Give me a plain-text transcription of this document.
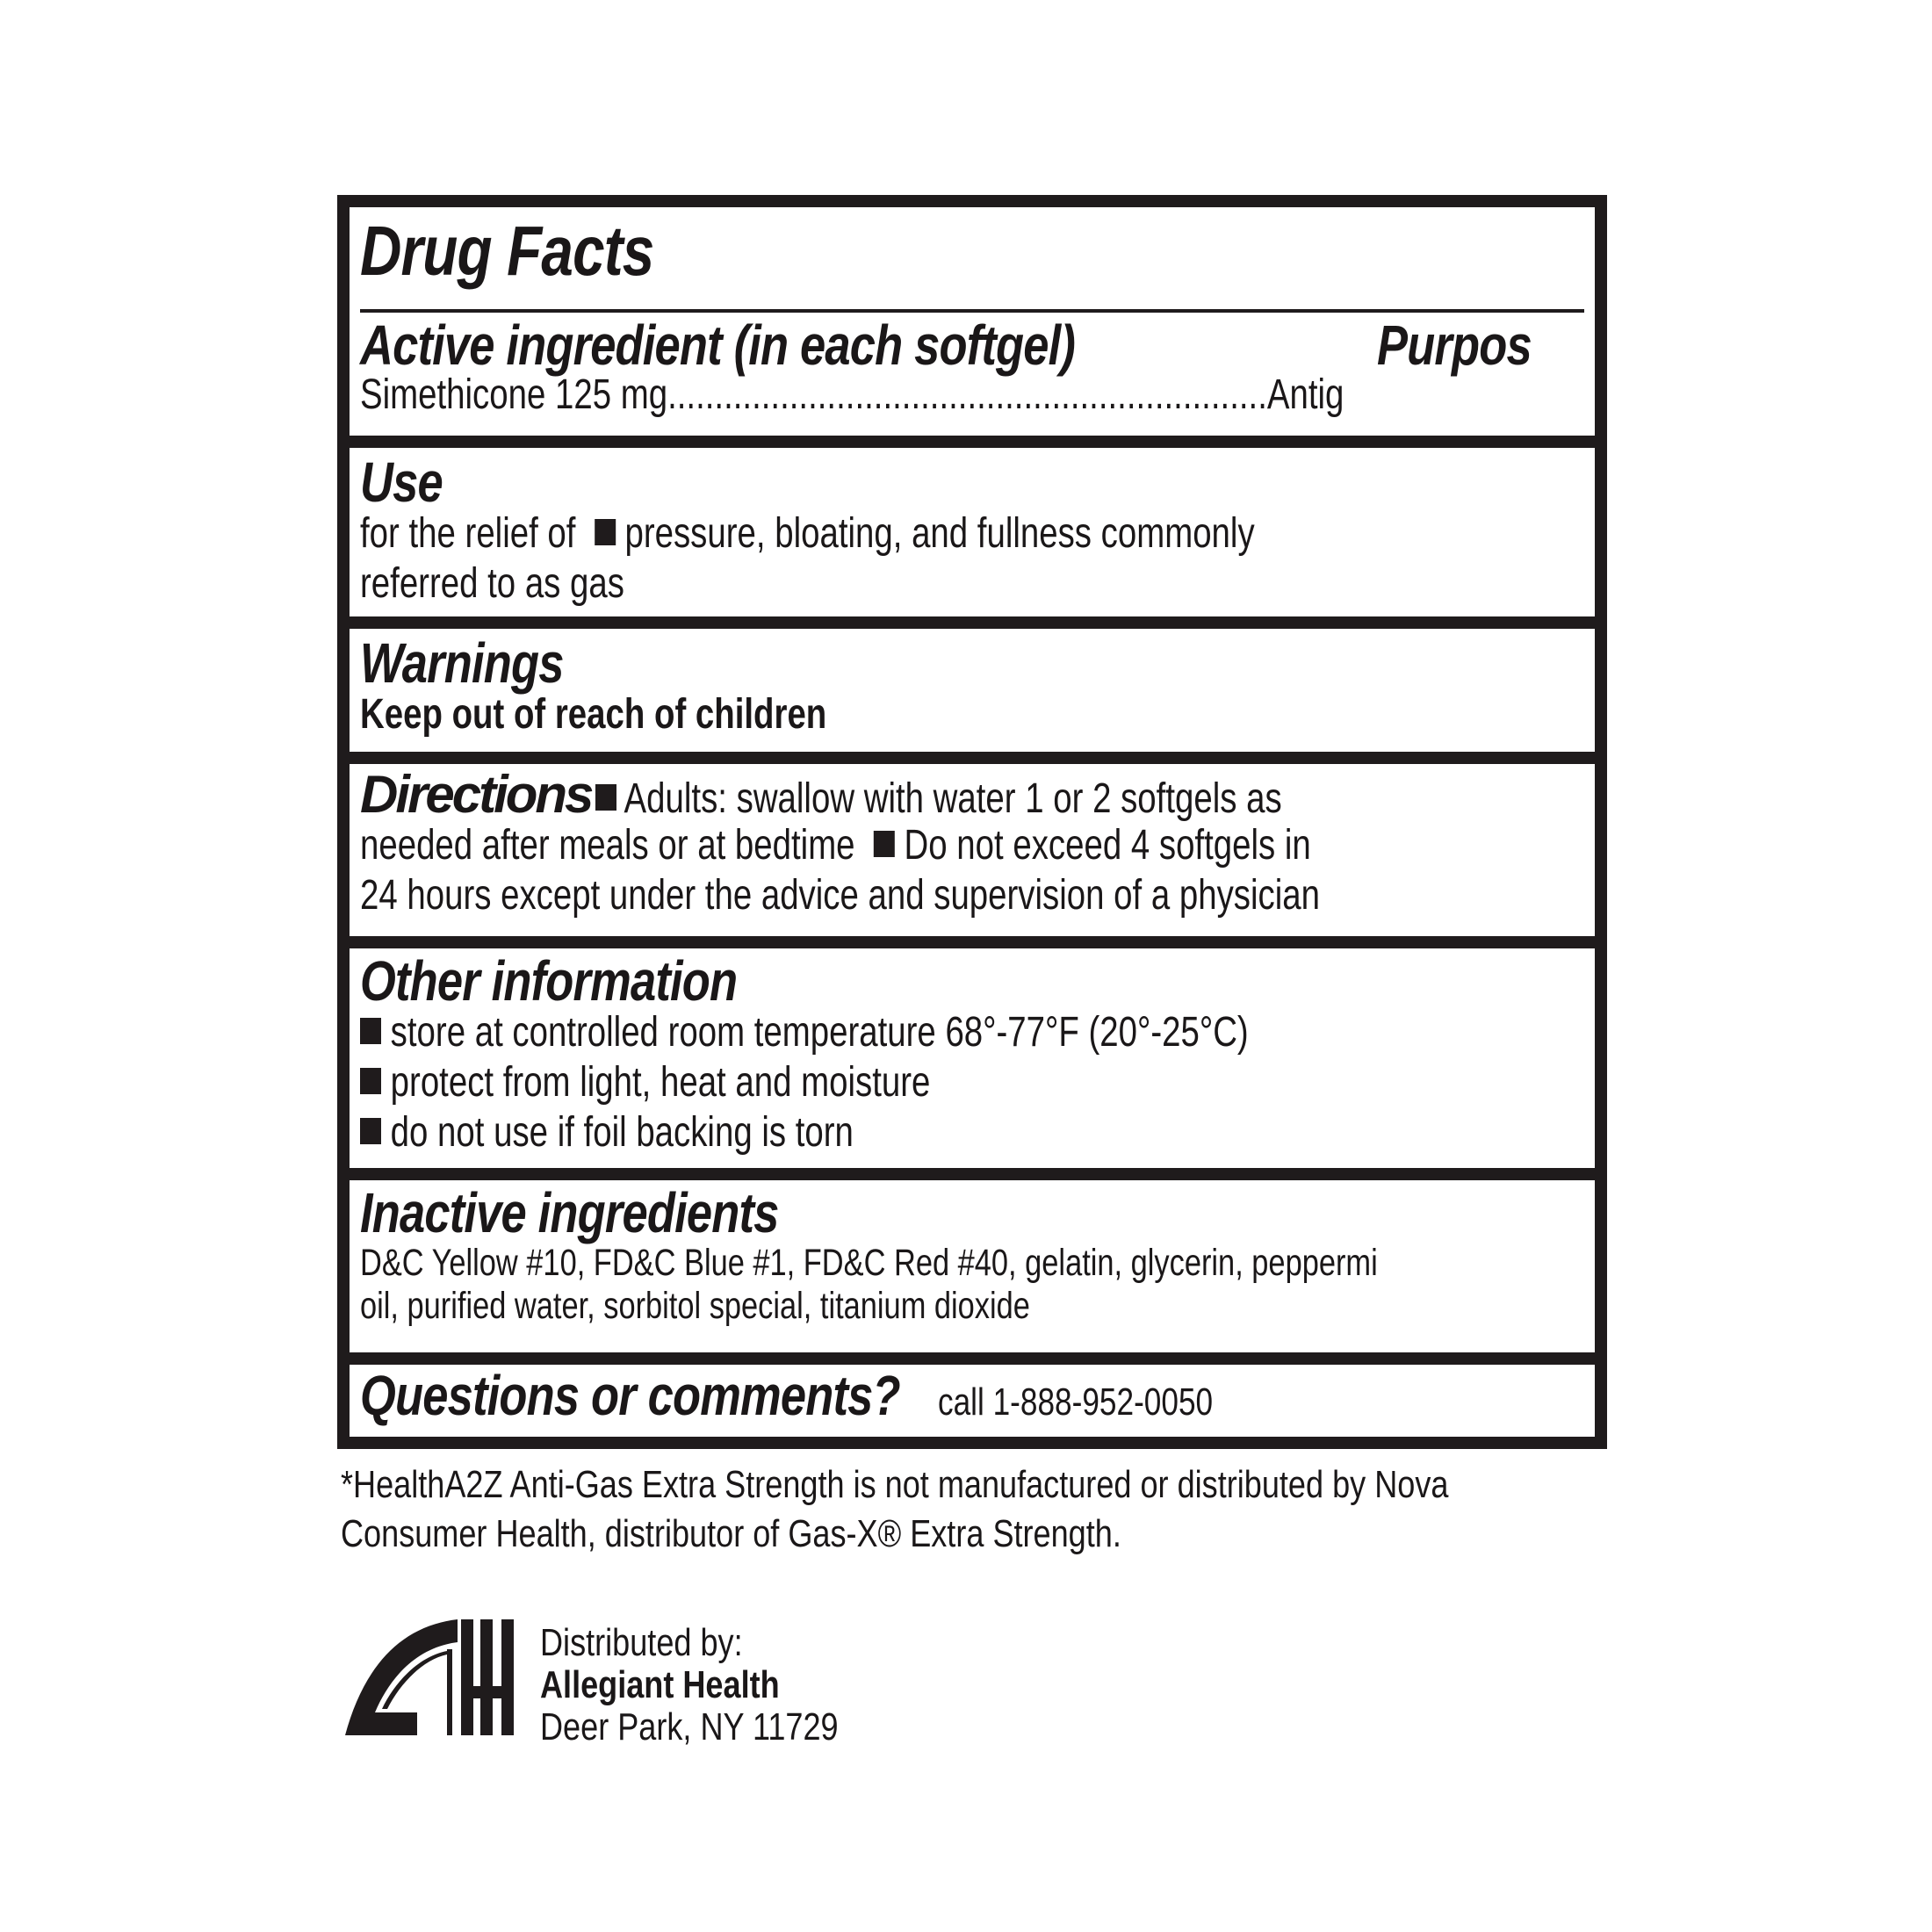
Drug Facts
Active ingredient (in each softgel)	Purpos
Simethicone 125 mg................................................................Antig
Use
for the relief of pressure, bloating, and fullness commonly
referred to as gas
Warnings
Keep out of reach of children
Directions Adults: swallow with water 1 or 2 softgels as
needed after meals or at bedtime Do not exceed 4 softgels in
24 hours except under the advice and supervision of a physician
Other information
store at controlled room temperature 68°-77°F (20°-25°C)
protect from light, heat and moisture
do not use if foil backing is torn
Inactive ingredients
D&C Yellow #10, FD&C Blue #1, FD&C Red #40, gelatin, glycerin, peppermi
oil, purified water, sorbitol special, titanium dioxide
Questions or comments? call 1-888-952-0050
*HealthA2Z Anti-Gas Extra Strength is not manufactured or distributed by Nova
Consumer Health, distributor of Gas-X® Extra Strength.
Distributed by:
Allegiant Health
Deer Park, NY 11729
